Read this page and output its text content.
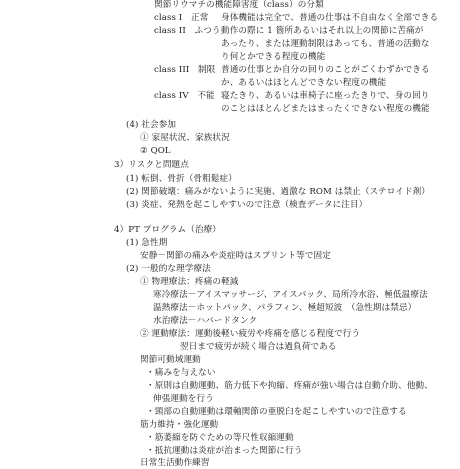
関節リウマチの機能障害度（class）の分類
class I　正常 身体機能は完全で、普通の仕事は不自由なく全部できる
class II　ふつう 動作の際に 1 箇所あるいはそれ以上の関節に苦痛が
あったり、または運動制限はあっても、普通の活動な
り何とかできる程度の機能
class III　制限 普通の仕事とか自分の回りのことがごくわずかできる
か、あるいはほとんどできない程度の機能
class IV　不能 寝たきり、あるいは車椅子に座ったきりで、身の回り
のことはほとんどまたはまったくできない程度の機能
(4) 社会参加
① 家屋状況、家族状況
② QOL
3）リスクと問題点
(1) 転倒、骨折（骨粗鬆症）
(2) 関節破壊：痛みがないように実施、過激な ROM は禁止（ステロイド剤）
(3) 炎症、発熱を起こしやすいので注意（検査データに注目）
4）PT プログラム（治療）
(1) 急性期
安静－関節の痛みや炎症時はスプリント等で固定
(2) 一般的な理学療法
① 物理療法：疼痛の軽減
寒冷療法－アイスマッサージ、アイスパック、局所冷水浴、極低温療法
温熱療法－ホットパック、パラフィン、極超短波　（急性期は禁忌）
水治療法－ハバードタンク
② 運動療法：運動後軽い疲労や疼痛を感じる程度で行う
翌日まで疲労が続く場合は過負荷である
関節可動域運動
・痛みを与えない
・原則は自動運動、筋力低下や拘縮、疼痛が強い場合は自動介助、他動、
伸張運動を行う
・頸部の自動運動は環軸関節の亜脱臼を起こしやすいので注意する
筋力維持・強化運動
・筋萎縮を防ぐための等尺性収縮運動
・抵抗運動は炎症が治まった関節に行う
日常生活動作練習
